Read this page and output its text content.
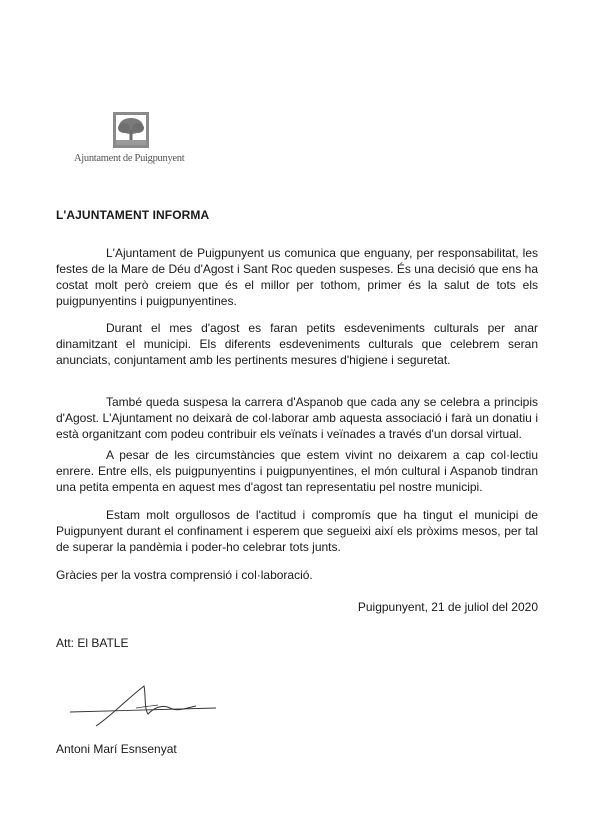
Ajuntament de Puigpunyent
L'AJUNTAMENT INFORMA

L'Ajuntament de Puigpunyent us comunica que enguany, per responsabilitat, les festes de la Mare de Déu d'Agost i Sant Roc queden suspeses. És una decisió que ens ha costat molt però creiem que és el millor per tothom, primer és la salut de tots els puigpunyentins i puigpunyentines.

Durant el mes d'agost es faran petits esdeveniments culturals per anar dinamitzant el municipi. Els diferents esdeveniments culturals que celebrem seran anunciats, conjuntament amb les pertinents mesures d'higiene i seguretat.

També queda suspesa la carrera d'Aspanob que cada any se celebra a principis d'Agost. L'Ajuntament no deixarà de col·laborar amb aquesta associació i farà un donatiu i està organitzant com podeu contribuir els veïnats i veïnades a través d'un dorsal virtual.

A pesar de les circumstàncies que estem vivint no deixarem a cap col·lectiu enrere. Entre ells, els puigpunyentins i puigpunyentines, el món cultural i Aspanob tindran una petita empenta en aquest mes d'agost tan representatiu pel nostre municipi.

Estam molt orgullosos de l'actitud i compromís que ha tingut el municipi de Puigpunyent durant el confinament i esperem que segueixi així els pròxims mesos, per tal de superar la pandèmia i poder-ho celebrar tots junts.

Gràcies per la vostra comprensió i col·laboració.

Puigpunyent, 21 de juliol del 2020
Att: El BATLE
Antoni Marí Esnsenyat
